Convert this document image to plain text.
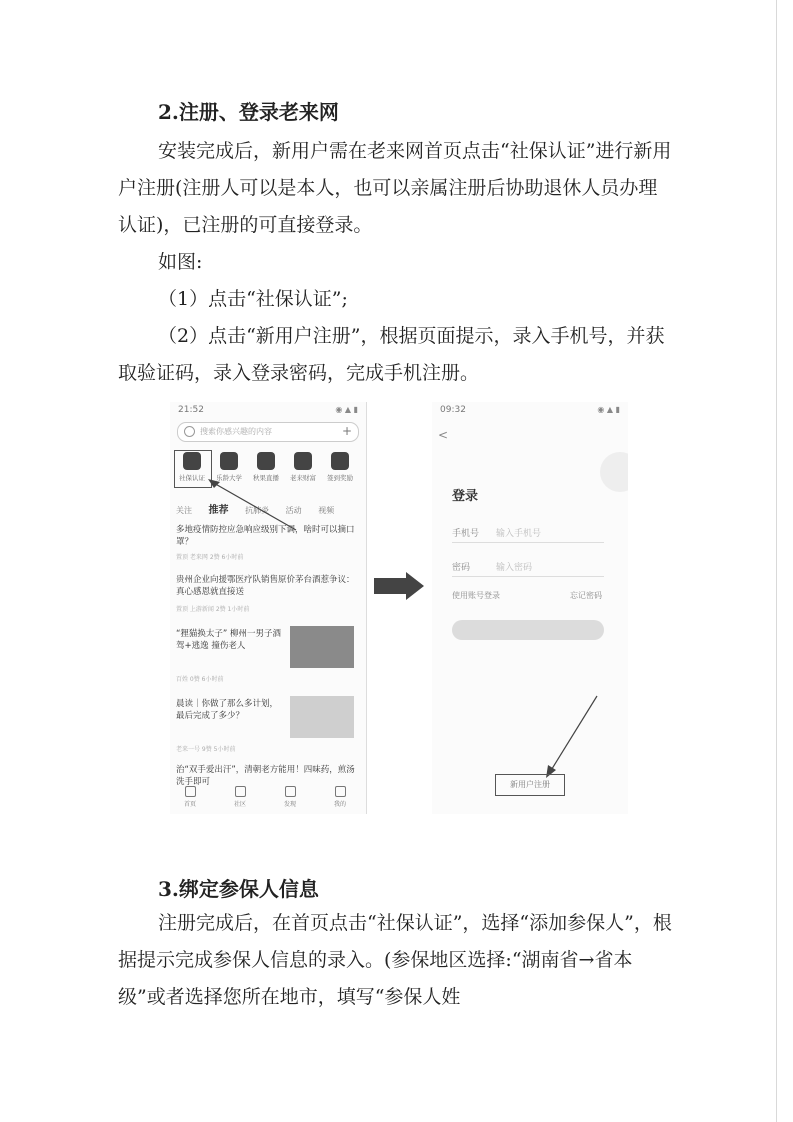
2.注册、登录老来网

安装完成后，新用户需在老来网首页点击“社保认证”进行新用户注册(注册人可以是本人，也可以亲属注册后协助退休人员办理认证)，已注册的可直接登录。

如图:

（1）点击“社保认证”;

（2）点击“新用户注册”，根据页面提示，录入手机号，并获取验证码，录入登录密码，完成手机注册。

21:52	◉ ▲ ▮
搜索你感兴趣的内容	+
社保认证	乐龄大学	秋果直播	老来财富	签到奖励
关注 推荐 抗肺炎 活动 视频
多地疫情防控应急响应级别下调，啥时可以摘口罩？
置顶 老来网 2赞 6小时前
贵州企业向援鄂医疗队销售原价茅台酒惹争议：真心感恩就直接送
置顶 上游新闻 2赞 1小时前
“狸猫换太子” 柳州一男子酒驾+逃逸 撞伤老人
百姓 0赞 6小时前
晨读｜你做了那么多计划，最后完成了多少？
老来一号 9赞 5小时前
治“双手爱出汗”，清朝老方能用！四味药，煎汤洗手即可
首页	社区	发现	我的
09:32	◉ ▲ ▮
<
登录
手机号 输入手机号
密码	输入密码
使用账号登录	忘记密码
新用户注册
3.绑定参保人信息

注册完成后，在首页点击“社保认证”，选择“添加参保人”，根据提示完成参保人信息的录入。(参保地区选择:“湖南省→省本级”或者选择您所在地市，填写“参保人姓
